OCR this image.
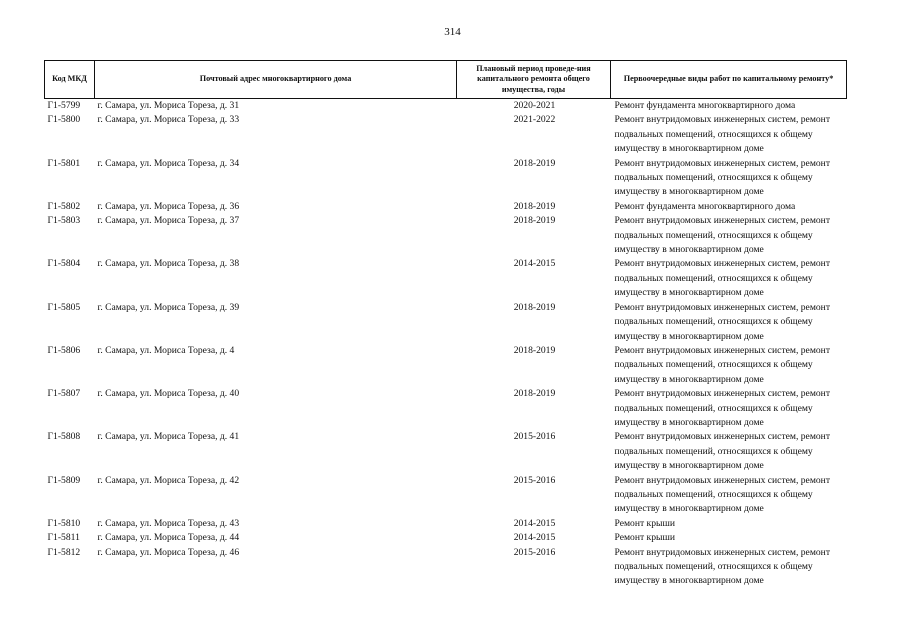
314
Код МКД	Почтовый адрес многоквартирного дома	Плановый период проведе-ния капитального ремонта общего имущества, годы	Первоочередные виды работ по капитальному ремонту*
Г1-5799	г. Самара, ул. Мориса Тореза, д. 31	2020-2021	Ремонт фундамента многоквартирного дома
Г1-5800	г. Самара, ул. Мориса Тореза, д. 33	2021-2022	Ремонт внутридомовых инженерных систем, ремонт подвальных помещений, относящихся к общему имуществу в многоквартирном доме
Г1-5801	г. Самара, ул. Мориса Тореза, д. 34	2018-2019	Ремонт внутридомовых инженерных систем, ремонт подвальных помещений, относящихся к общему имуществу в многоквартирном доме
Г1-5802	г. Самара, ул. Мориса Тореза, д. 36	2018-2019	Ремонт фундамента многоквартирного дома
Г1-5803	г. Самара, ул. Мориса Тореза, д. 37	2018-2019	Ремонт внутридомовых инженерных систем, ремонт подвальных помещений, относящихся к общему имуществу в многоквартирном доме
Г1-5804	г. Самара, ул. Мориса Тореза, д. 38	2014-2015	Ремонт внутридомовых инженерных систем, ремонт подвальных помещений, относящихся к общему имуществу в многоквартирном доме
Г1-5805	г. Самара, ул. Мориса Тореза, д. 39	2018-2019	Ремонт внутридомовых инженерных систем, ремонт подвальных помещений, относящихся к общему имуществу в многоквартирном доме
Г1-5806	г. Самара, ул. Мориса Тореза, д. 4	2018-2019	Ремонт внутридомовых инженерных систем, ремонт подвальных помещений, относящихся к общему имуществу в многоквартирном доме
Г1-5807	г. Самара, ул. Мориса Тореза, д. 40	2018-2019	Ремонт внутридомовых инженерных систем, ремонт подвальных помещений, относящихся к общему имуществу в многоквартирном доме
Г1-5808	г. Самара, ул. Мориса Тореза, д. 41	2015-2016	Ремонт внутридомовых инженерных систем, ремонт подвальных помещений, относящихся к общему имуществу в многоквартирном доме
Г1-5809	г. Самара, ул. Мориса Тореза, д. 42	2015-2016	Ремонт внутридомовых инженерных систем, ремонт подвальных помещений, относящихся к общему имуществу в многоквартирном доме
Г1-5810	г. Самара, ул. Мориса Тореза, д. 43	2014-2015	Ремонт крыши
Г1-5811	г. Самара, ул. Мориса Тореза, д. 44	2014-2015	Ремонт крыши
Г1-5812	г. Самара, ул. Мориса Тореза, д. 46	2015-2016	Ремонт внутридомовых инженерных систем, ремонт подвальных помещений, относящихся к общему имуществу в многоквартирном доме
